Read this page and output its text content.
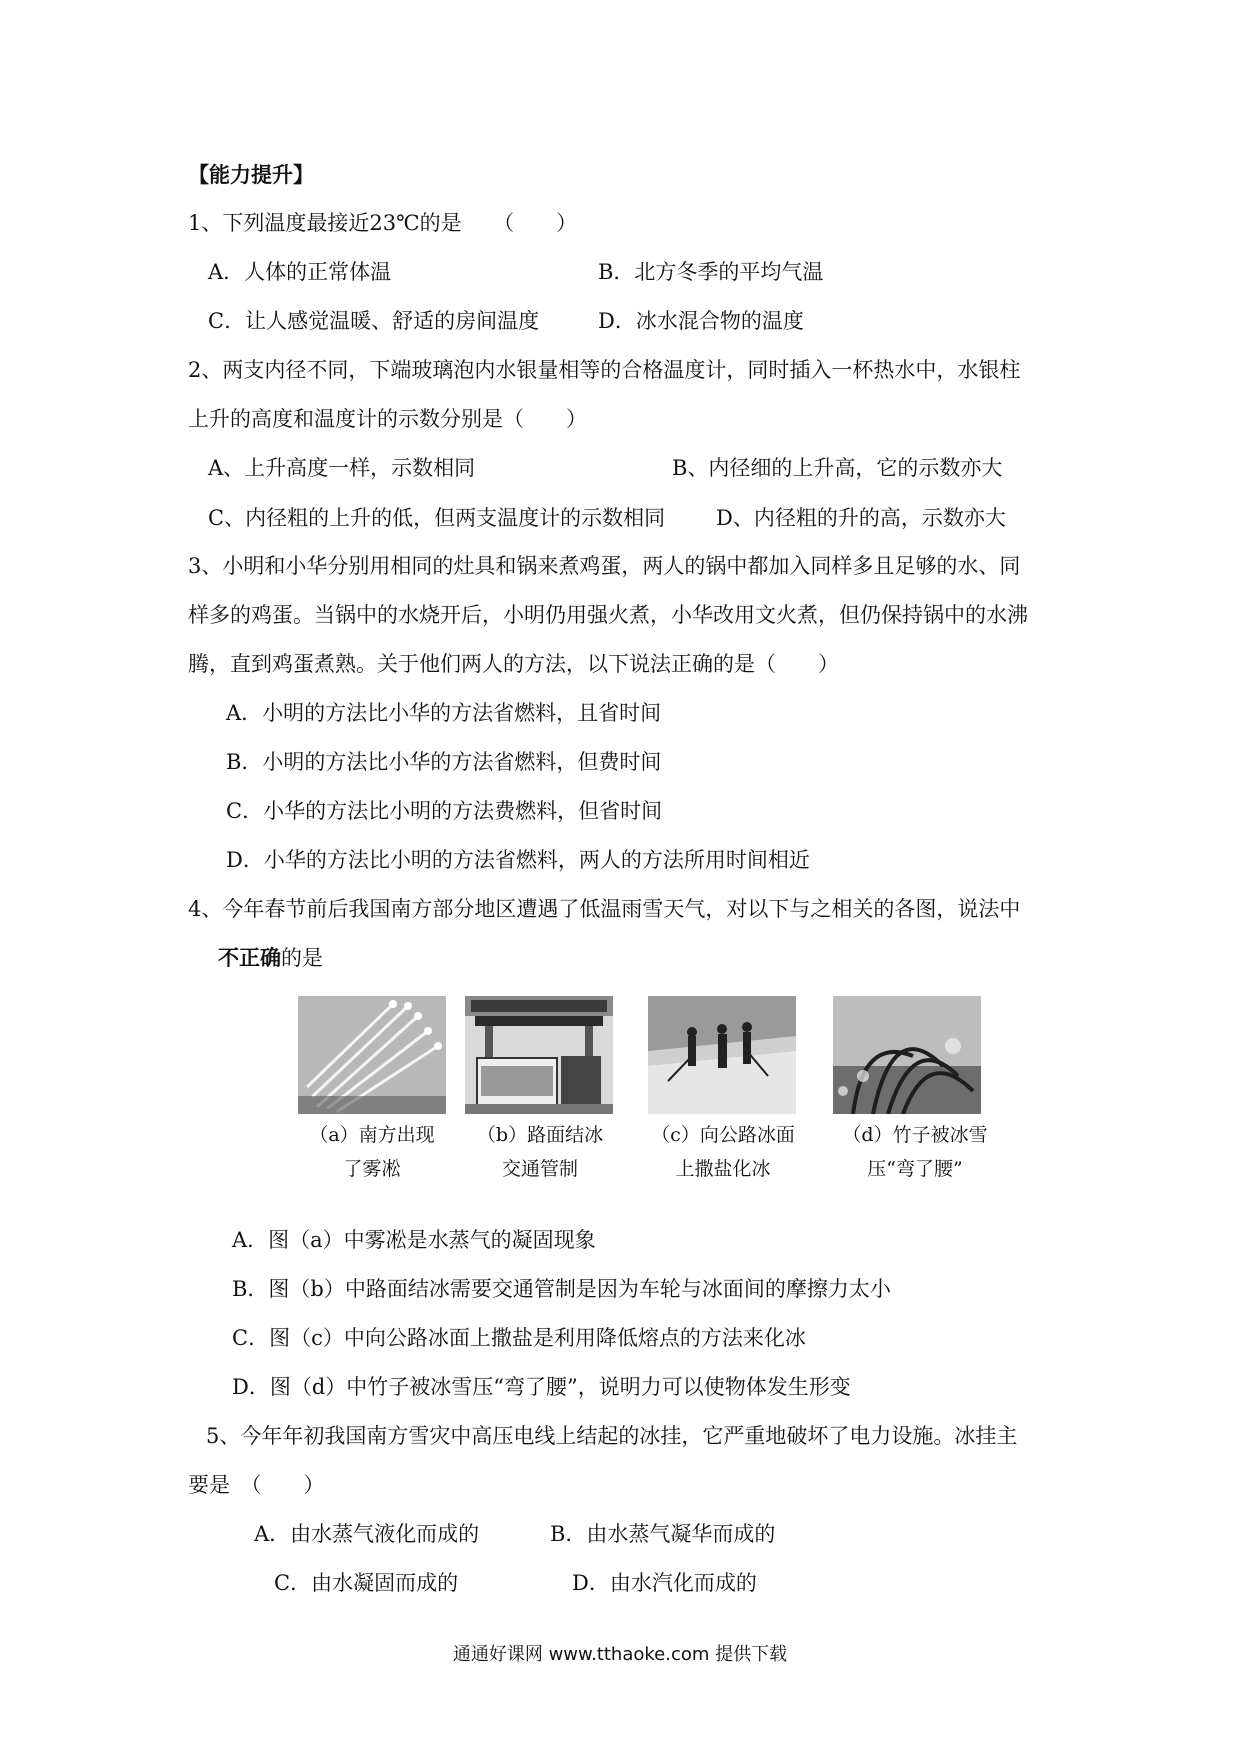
【能力提升】
1、下列温度最接近23℃的是　　（　　）
A．人体的正常体温	B．北方冬季的平均气温
C．让人感觉温暖、舒适的房间温度	D．冰水混合物的温度
2、两支内径不同，下端玻璃泡内水银量相等的合格温度计，同时插入一杯热水中，水银柱
上升的高度和温度计的示数分别是（　　）
A、上升高度一样，示数相同	B、内径细的上升高，它的示数亦大
C、内径粗的上升的低，但两支温度计的示数相同 D、内径粗的升的高，示数亦大
3、小明和小华分别用相同的灶具和锅来煮鸡蛋，两人的锅中都加入同样多且足够的水、同
样多的鸡蛋。当锅中的水烧开后，小明仍用强火煮，小华改用文火煮，但仍保持锅中的水沸
腾，直到鸡蛋煮熟。关于他们两人的方法，以下说法正确的是（　　）
A．小明的方法比小华的方法省燃料，且省时间
B．小明的方法比小华的方法省燃料，但费时间
C．小华的方法比小明的方法费燃料，但省时间
D．小华的方法比小明的方法省燃料，两人的方法所用时间相近
4、今年春节前后我国南方部分地区遭遇了低温雨雪天气，对以下与之相关的各图，说法中
不正确的是
（a）南方出现
了雾凇
（b）路面结冰
交通管制
（c）向公路冰面
上撒盐化冰
（d）竹子被冰雪
压“弯了腰”
A．图（a）中雾凇是水蒸气的凝固现象
B．图（b）中路面结冰需要交通管制是因为车轮与冰面间的摩擦力太小
C．图（c）中向公路冰面上撒盐是利用降低熔点的方法来化冰
D．图（d）中竹子被冰雪压“弯了腰”，说明力可以使物体发生形变
5、今年年初我国南方雪灾中高压电线上结起的冰挂，它严重地破坏了电力设施。冰挂主
要是　（　　）
A．由水蒸气液化而成的	B．由水蒸气凝华而成的
C．由水凝固而成的	D．由水汽化而成的
通通好课网 www.tthaoke.com 提供下载
